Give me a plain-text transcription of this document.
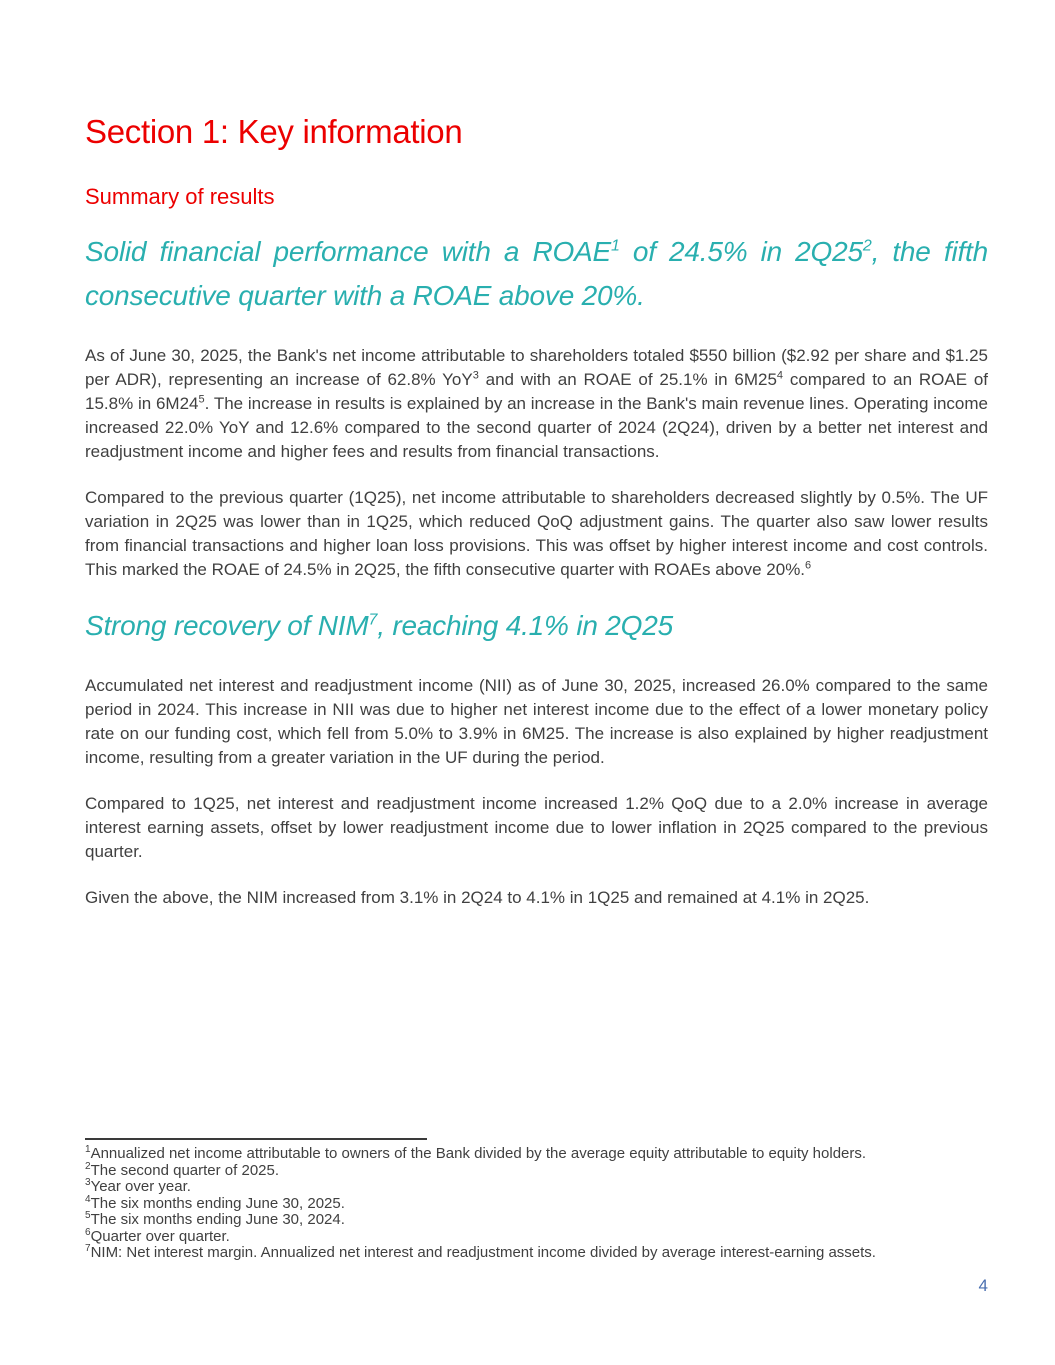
Section 1: Key information
Summary of results

Solid financial performance with a ROAE$^1$ of 24.5% in $2Q25^2$, the fifth consecutive quarter with a ROAE above 20%.

As of June 30, 2025, the Bank's net income attributable to shareholders totaled $550 billion ($2.92 per share and $1.25 per ADR), representing an increase of 62.8% YoY$^3$ and with an ROAE of 25.1% in $6M25^4$ compared to an ROAE of 15.8% in $6M24^5$. The increase in results is explained by an increase in the Bank's main revenue lines. Operating income increased 22.0% YoY and 12.6% compared to the second quarter of 2024 (2Q24), driven by a better net interest and readjustment income and higher fees and results from financial transactions.

Compared to the previous quarter (1Q25), net income attributable to shareholders decreased slightly by 0.5%. The UF variation in 2Q25 was lower than in 1Q25, which reduced QoQ adjustment gains. The quarter also saw lower results from financial transactions and higher loan loss provisions. This was offset by higher interest income and cost controls. This marked the ROAE of 24.5% in 2Q25, the fifth consecutive quarter with ROAEs above 20%.$^6$

Strong recovery of NIM$^7$, reaching 4.1% in 2Q25

Accumulated net interest and readjustment income (NII) as of June 30, 2025, increased 26.0% compared to the same period in 2024. This increase in NII was due to higher net interest income due to the effect of a lower monetary policy rate on our funding cost, which fell from 5.0% to 3.9% in 6M25. The increase is also explained by higher readjustment income, resulting from a greater variation in the UF during the period.

Compared to 1Q25, net interest and readjustment income increased 1.2% QoQ due to a 2.0% increase in average interest earning assets, offset by lower readjustment income due to lower inflation in 2Q25 compared to the previous quarter.

Given the above, the NIM increased from 3.1% in 2Q24 to 4.1% in 1Q25 and remained at 4.1% in 2Q25.

$^1$Annualized net income attributable to owners of the Bank divided by the average equity attributable to equity holders.
$^2$The second quarter of 2025.
$^3$Year over year.
$^4$The six months ending June 30, 2025.
$^5$The six months ending June 30, 2024.
$^6$Quarter over quarter.
$^7$NIM: Net interest margin. Annualized net interest and readjustment income divided by average interest-earning assets.
4
